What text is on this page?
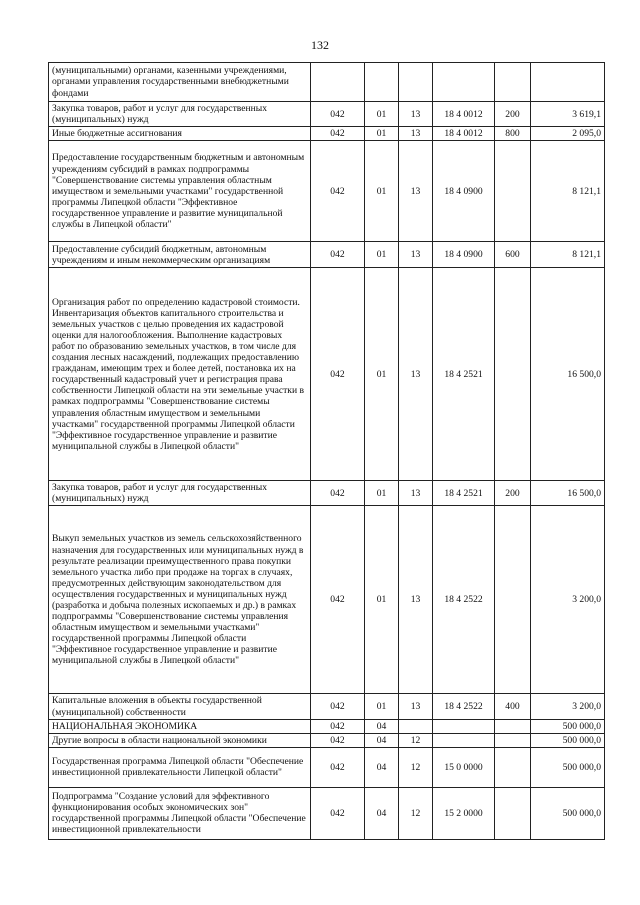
132
(муниципальными) органами, казенными учреждениями, органами управления государственными внебюджетными фондами						
Закупка товаров, работ и услуг для государственных (муниципальных) нужд	042	01	13	18 4 0012	200	3 619,1
Иные бюджетные ассигнования	042	01	13	18 4 0012	800	2 095,0
Предоставление государственным бюджетным и автономным учреждениям субсидий в рамках подпрограммы "Совершенствование системы управления областным имуществом и земельными участками" государственной программы Липецкой области "Эффективное государственное управление и развитие муниципальной службы в Липецкой области"	042	01	13	18 4 0900		8 121,1
Предоставление субсидий бюджетным, автономным учреждениям и иным некоммерческим организациям	042	01	13	18 4 0900	600	8 121,1
Организация работ по определению кадастровой стоимости. Инвентаризация объектов капитального строительства и земельных участков с целью проведения их кадастровой оценки для налогообложения. Выполнение кадастровых работ по образованию земельных участков, в том числе для создания лесных насаждений, подлежащих предоставлению гражданам, имеющим трех и более детей, постановка их на государственный кадастровый учет и регистрация права собственности Липецкой области на эти земельные участки в рамках подпрограммы "Совершенствование системы управления областным имуществом и земельными участками" государственной программы Липецкой области "Эффективное государственное управление и развитие муниципальной службы в Липецкой области"	042	01	13	18 4 2521		16 500,0
Закупка товаров, работ и услуг для государственных (муниципальных) нужд	042	01	13	18 4 2521	200	16 500,0
Выкуп земельных участков из земель сельскохозяйственного назначения для государственных или муниципальных нужд в результате реализации преимущественного права покупки земельного участка либо при продаже на торгах в случаях, предусмотренных действующим законодательством для осуществления государственных и муниципальных нужд (разработка и добыча полезных ископаемых и др.) в рамках подпрограммы "Совершенствование системы управления областным имуществом и земельными участками" государственной программы Липецкой области "Эффективное государственное управление и развитие муниципальной службы в Липецкой области"	042	01	13	18 4 2522		3 200,0
Капитальные вложения в объекты государственной (муниципальной) собственности	042	01	13	18 4 2522	400	3 200,0
НАЦИОНАЛЬНАЯ ЭКОНОМИКА	042	04				500 000,0
Другие вопросы в области национальной экономики	042	04	12			500 000,0
Государственная программа Липецкой области "Обеспечение инвестиционной привлекательности Липецкой области"	042	04	12	15 0 0000		500 000,0
Подпрограмма "Создание условий для эффективного функционирования особых экономических зон" государственной программы Липецкой области "Обеспечение инвестиционной привлекательности	042	04	12	15 2 0000		500 000,0
